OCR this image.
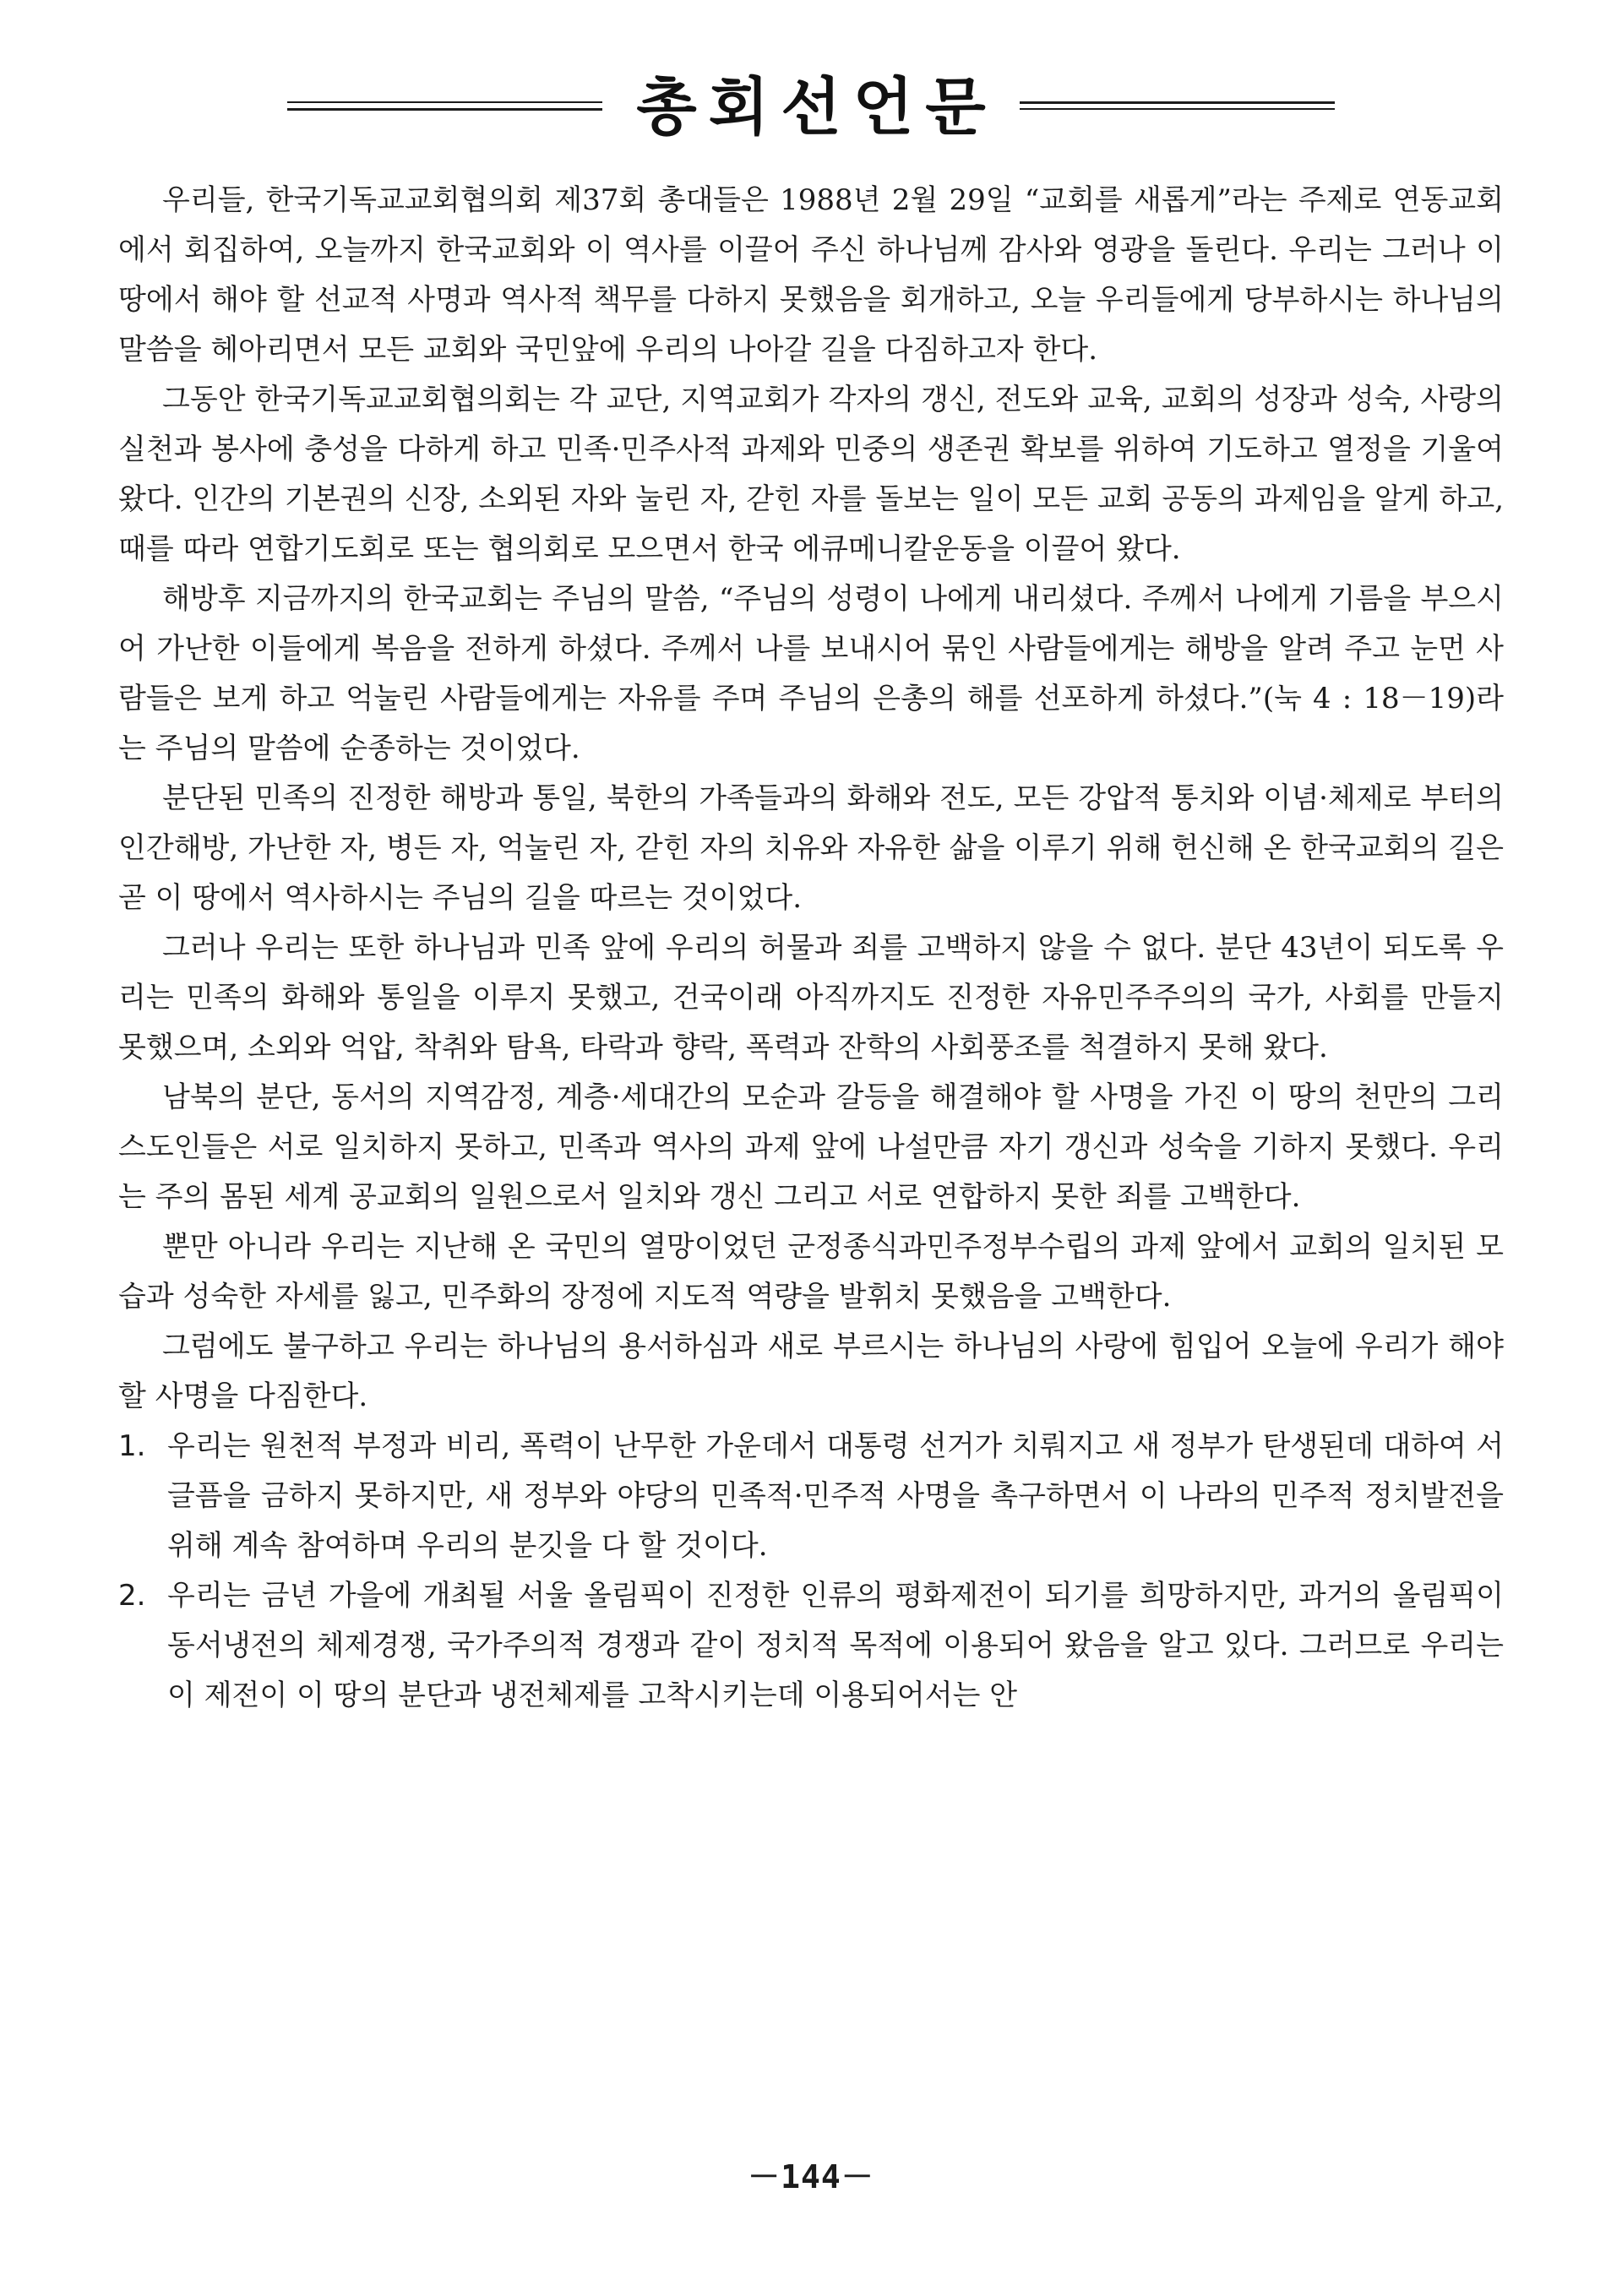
총회선언문

우리들, 한국기독교교회협의회 제37회 총대들은 1988년 2월 29일 “교회를 새롭게”라는 주제로 연동교회에서 회집하여, 오늘까지 한국교회와 이 역사를 이끌어 주신 하나님께 감사와 영광을 돌린다. 우리는 그러나 이 땅에서 해야 할 선교적 사명과 역사적 책무를 다하지 못했음을 회개하고, 오늘 우리들에게 당부하시는 하나님의 말씀을 헤아리면서 모든 교회와 국민앞에 우리의 나아갈 길을 다짐하고자 한다.

그동안 한국기독교교회협의회는 각 교단, 지역교회가 각자의 갱신, 전도와 교육, 교회의 성장과 성숙, 사랑의 실천과 봉사에 충성을 다하게 하고 민족·민주사적 과제와 민중의 생존권 확보를 위하여 기도하고 열정을 기울여 왔다. 인간의 기본권의 신장, 소외된 자와 눌린 자, 갇힌 자를 돌보는 일이 모든 교회 공동의 과제임을 알게 하고, 때를 따라 연합기도회로 또는 협의회로 모으면서 한국 에큐메니칼운동을 이끌어 왔다.

해방후 지금까지의 한국교회는 주님의 말씀, “주님의 성령이 나에게 내리셨다. 주께서 나에게 기름을 부으시어 가난한 이들에게 복음을 전하게 하셨다. 주께서 나를 보내시어 묶인 사람들에게는 해방을 알려 주고 눈먼 사람들은 보게 하고 억눌린 사람들에게는 자유를 주며 주님의 은총의 해를 선포하게 하셨다.”(눅 4 : 18－19)라는 주님의 말씀에 순종하는 것이었다.

분단된 민족의 진정한 해방과 통일, 북한의 가족들과의 화해와 전도, 모든 강압적 통치와 이념·체제로 부터의 인간해방, 가난한 자, 병든 자, 억눌린 자, 갇힌 자의 치유와 자유한 삶을 이루기 위해 헌신해 온 한국교회의 길은 곧 이 땅에서 역사하시는 주님의 길을 따르는 것이었다.

그러나 우리는 또한 하나님과 민족 앞에 우리의 허물과 죄를 고백하지 않을 수 없다. 분단 43년이 되도록 우리는 민족의 화해와 통일을 이루지 못했고, 건국이래 아직까지도 진정한 자유민주주의의 국가, 사회를 만들지 못했으며, 소외와 억압, 착취와 탐욕, 타락과 향락, 폭력과 잔학의 사회풍조를 척결하지 못해 왔다.

남북의 분단, 동서의 지역감정, 계층·세대간의 모순과 갈등을 해결해야 할 사명을 가진 이 땅의 천만의 그리스도인들은 서로 일치하지 못하고, 민족과 역사의 과제 앞에 나설만큼 자기 갱신과 성숙을 기하지 못했다. 우리는 주의 몸된 세계 공교회의 일원으로서 일치와 갱신 그리고 서로 연합하지 못한 죄를 고백한다.

뿐만 아니라 우리는 지난해 온 국민의 열망이었던 군정종식과민주정부수립의 과제 앞에서 교회의 일치된 모습과 성숙한 자세를 잃고, 민주화의 장정에 지도적 역량을 발휘치 못했음을 고백한다.

그럼에도 불구하고 우리는 하나님의 용서하심과 새로 부르시는 하나님의 사랑에 힘입어 오늘에 우리가 해야할 사명을 다짐한다.

1. 우리는 원천적 부정과 비리, 폭력이 난무한 가운데서 대통령 선거가 치뤄지고 새 정부가 탄생된데 대하여 서글픔을 금하지 못하지만, 새 정부와 야당의 민족적·민주적 사명을 촉구하면서 이 나라의 민주적 정치발전을 위해 계속 참여하며 우리의 분깃을 다 할 것이다.
2. 우리는 금년 가을에 개최될 서울 올림픽이 진정한 인류의 평화제전이 되기를 희망하지만, 과거의 올림픽이 동서냉전의 체제경쟁, 국가주의적 경쟁과 같이 정치적 목적에 이용되어 왔음을 알고 있다. 그러므로 우리는 이 제전이 이 땅의 분단과 냉전체제를 고착시키는데 이용되어서는 안
－144－
